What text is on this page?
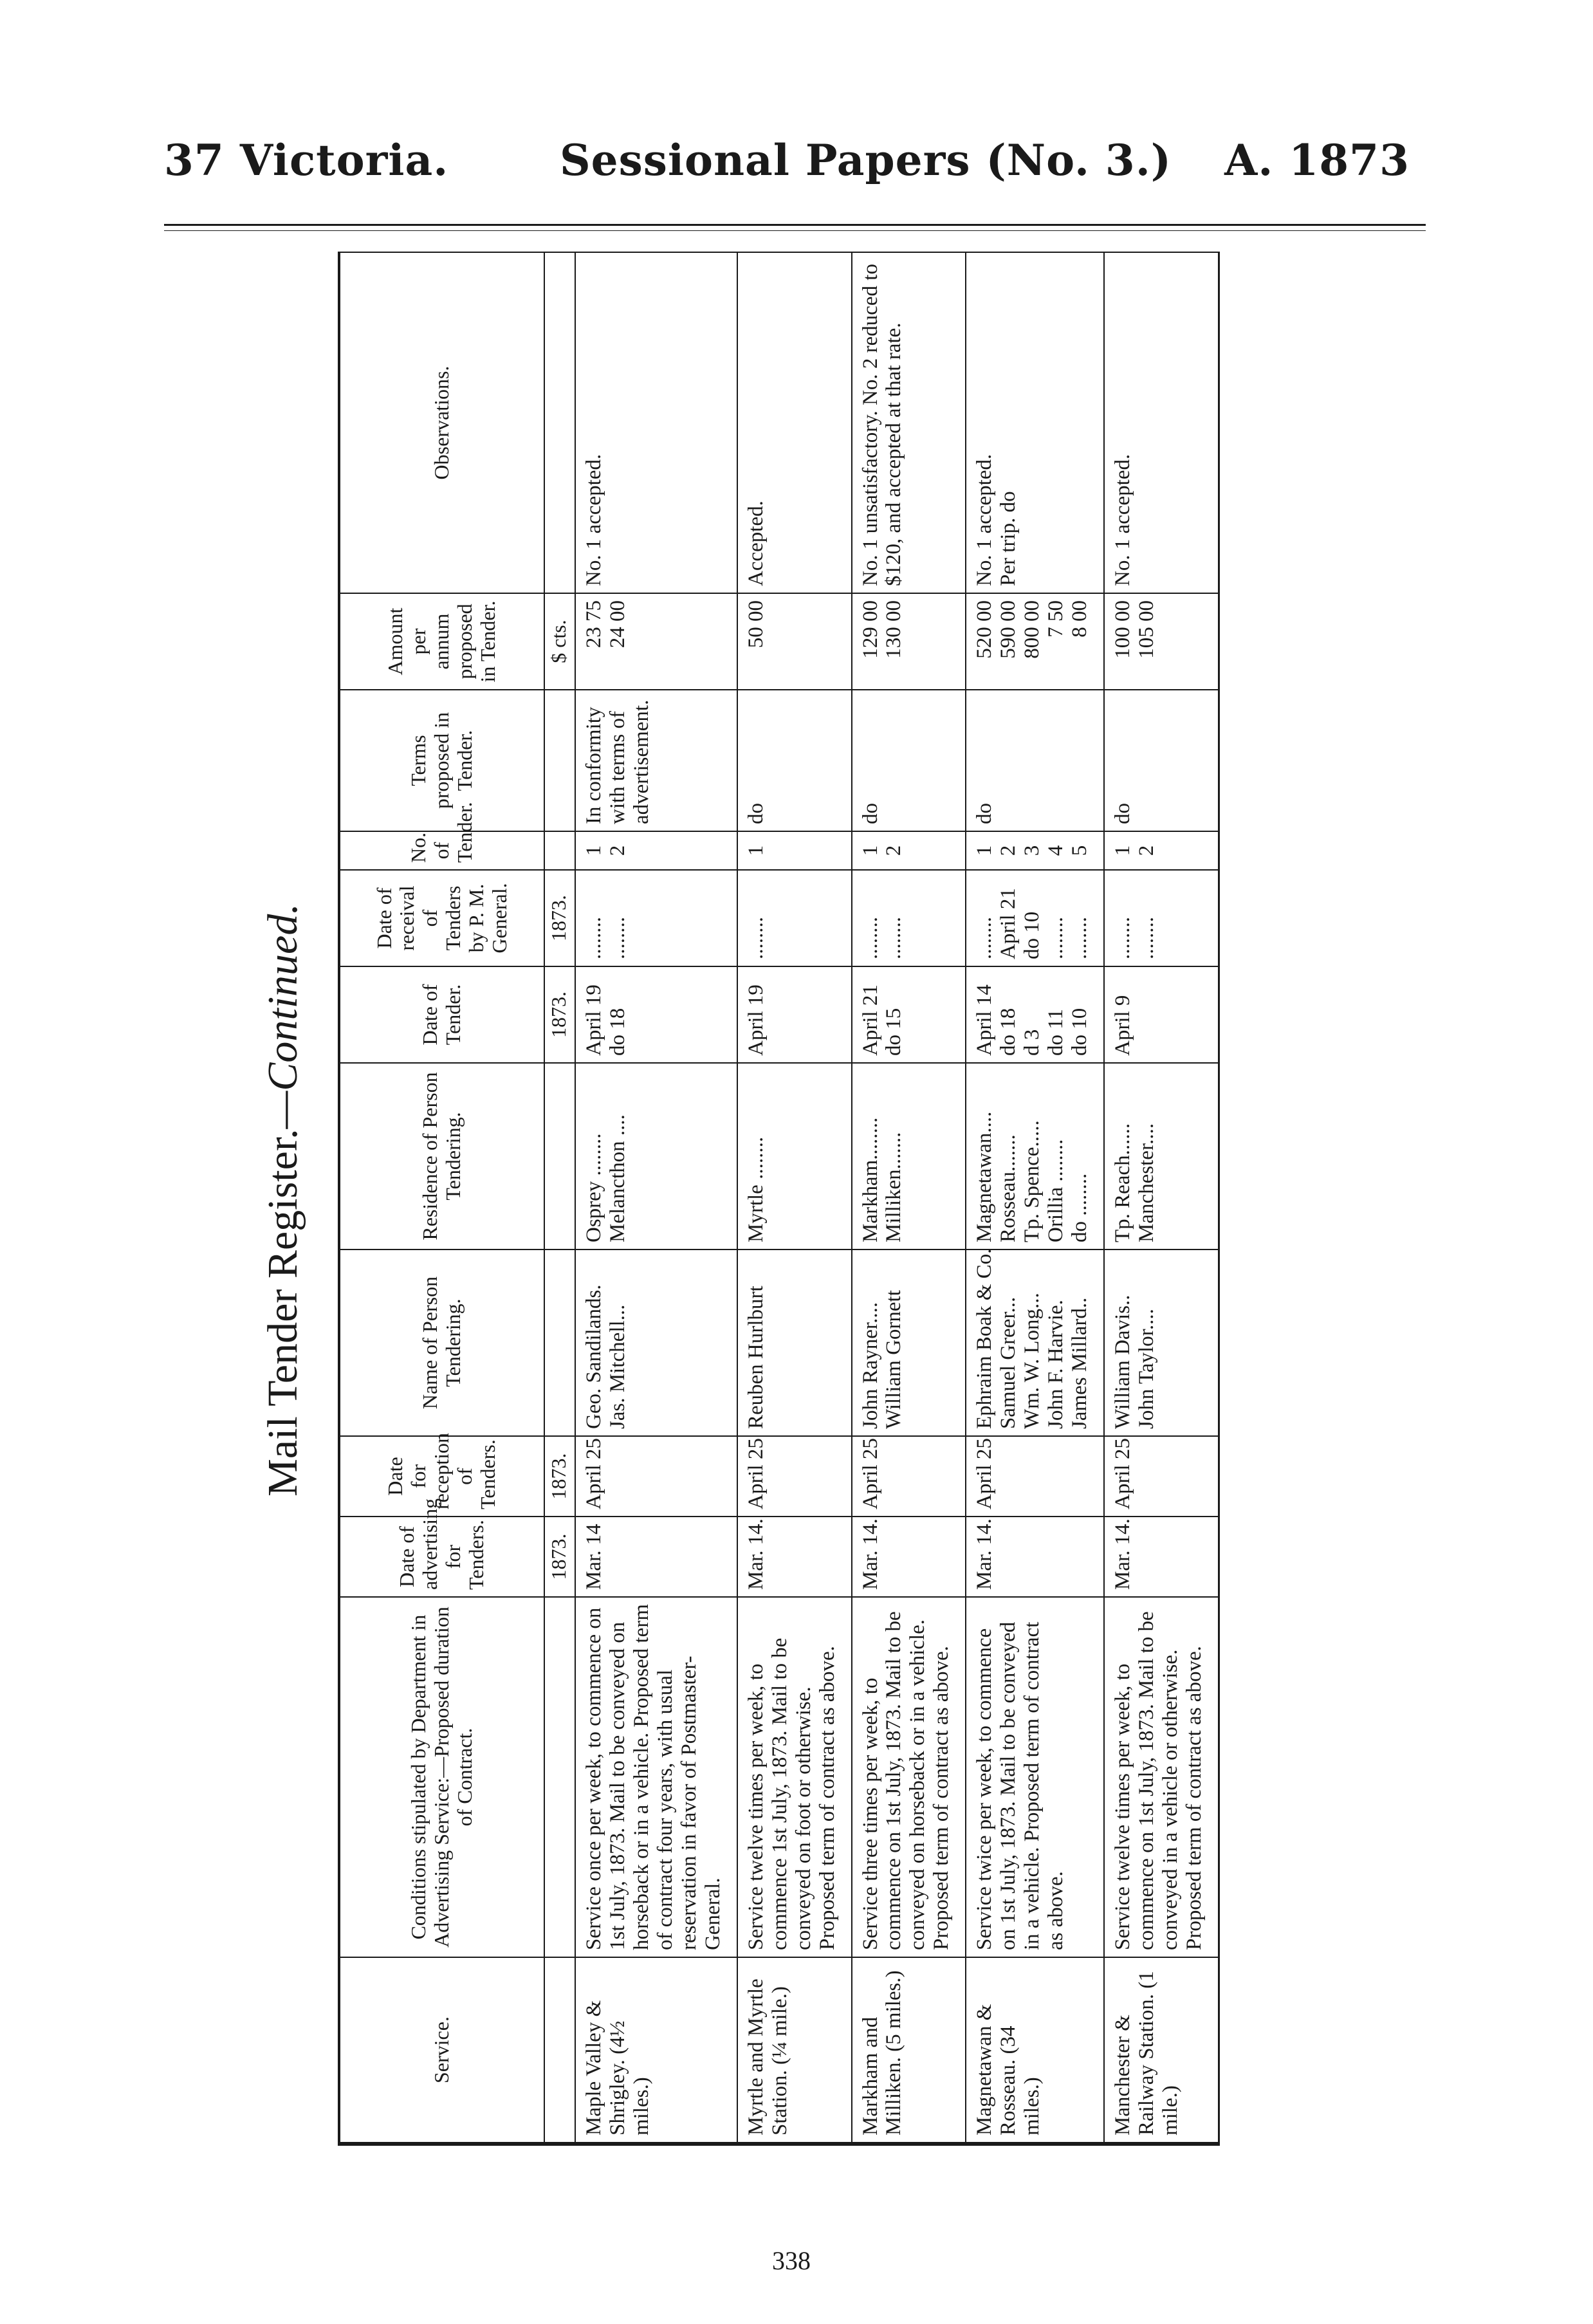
37 Victoria.	Sessional Papers (No. 3.) A. 1873
Mail Tender Register.
—Continued.
Service.	Conditions stipulated by Department in Advertising Service:—Proposed duration of Contract.	Date of advertising for Tenders.	Date for reception of Tenders.	Name of Person Tendering.	Residence of Person Tendering.	Date of Tender.	Date of receival of Tenders by P. M. General.	No. of Tender.	Terms proposed in Tender.	Amount per annum proposed in Tender.	Observations.
		1873.	1873.			1873.	1873.			$ cts.	

Maple Valley & Shrigley. (4½ miles.)	Service once per week, to commence on 1st July, 1873. Mail to be conveyed on horseback or in a vehicle. Proposed term of contract four years, with usual reservation in favor of Postmaster-General.	Mar. 14	April 25	Geo. Sandilands. Jas. Mitchell...	Osprey ........ Melancthon ....	April 19 do 18	........ ........	1 2	In conformity with terms of advertisement.	23 75 24 00	No. 1 accepted.

Myrtle and Myrtle Station. (¼ mile.)	Service twelve times per week, to commence 1st July, 1873. Mail to be conveyed on foot or otherwise. Proposed term of contract as above.	Mar. 14.	April 25	Reuben Hurlburt	Myrtle ........	April 19	........	1	do	50 00	Accepted.

Markham and Milliken. (5 miles.)	Service three times per week, to commence on 1st July, 1873. Mail to be conveyed on horseback or in a vehicle. Proposed term of contract as above.	Mar. 14.	April 25	John Rayner.... William Gornett	Markham........ Milliken.......	April 21 do 15	........ ........	1 2	do	129 00 130 00	No. 1 unsatisfactory. No. 2 reduced to $120, and accepted at that rate.

Magnetawan & Rosseau. (34 miles.)	Service twice per week, to commence on 1st July, 1873. Mail to be conveyed in a vehicle. Proposed term of contract as above.	Mar. 14.	April 25	Ephraim Boak & Co. Samuel Greer... Wm. W. Long... John F. Harvie. James Millard..	Magnetawan.... Rosseau....... Tp. Spence..... Orillia ........ do ........	April 14 do 18 d 3 do 11 do 10	........ April 21 do 10 ........ ........	1 2 3 4 5	do	520 00 590 00 800 00 7 50 8 00	No. 1 accepted. Per trip. do

Manchester & Railway Station. (1 mile.)	Service twelve times per week, to commence on 1st July, 1873. Mail to be conveyed in a vehicle or otherwise. Proposed term of contract as above.	Mar. 14.	April 25	William Davis.. John Taylor....	Tp. Reach...... Manchester....	April 9	........ ........	1 2	do	100 00 105 00	No. 1 accepted.
338
